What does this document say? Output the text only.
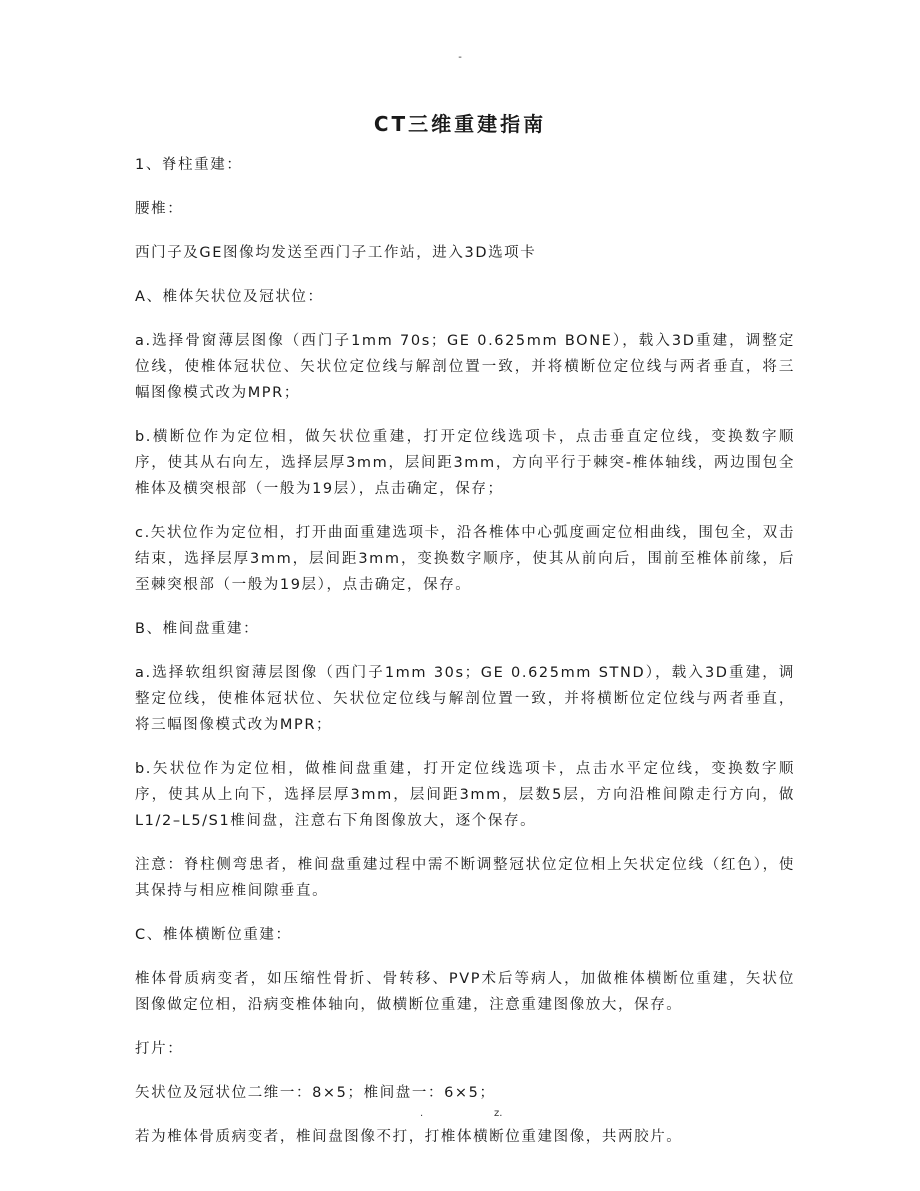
-
CT三维重建指南

1、脊柱重建：

腰椎：

西门子及GE图像均发送至西门子工作站，进入3D选项卡

A、椎体矢状位及冠状位：

a.选择骨窗薄层图像（西门子1mm 70s；GE 0.625mm BONE），载入3D重建，调整定位线，使椎体冠状位、矢状位定位线与解剖位置一致，并将横断位定位线与两者垂直，将三幅图像模式改为MPR；

b.横断位作为定位相，做矢状位重建，打开定位线选项卡，点击垂直定位线，变换数字顺序，使其从右向左，选择层厚3mm，层间距3mm，方向平行于棘突-椎体轴线，两边围包全椎体及横突根部（一般为19层），点击确定，保存；

c.矢状位作为定位相，打开曲面重建选项卡，沿各椎体中心弧度画定位相曲线，围包全，双击结束，选择层厚3mm，层间距3mm，变换数字顺序，使其从前向后，围前至椎体前缘，后至棘突根部（一般为19层），点击确定，保存。

B、椎间盘重建：

a.选择软组织窗薄层图像（西门子1mm 30s；GE 0.625mm STND），载入3D重建，调整定位线，使椎体冠状位、矢状位定位线与解剖位置一致，并将横断位定位线与两者垂直，将三幅图像模式改为MPR；

b.矢状位作为定位相，做椎间盘重建，打开定位线选项卡，点击水平定位线，变换数字顺序，使其从上向下，选择层厚3mm，层间距3mm，层数5层，方向沿椎间隙走行方向，做L1/2–L5/S1椎间盘，注意右下角图像放大，逐个保存。

注意：脊柱侧弯患者，椎间盘重建过程中需不断调整冠状位定位相上矢状定位线（红色），使其保持与相应椎间隙垂直。

C、椎体横断位重建：

椎体骨质病变者，如压缩性骨折、骨转移、PVP术后等病人，加做椎体横断位重建，矢状位图像做定位相，沿病变椎体轴向，做横断位重建，注意重建图像放大，保存。

打片：

矢状位及冠状位二维一：8×5；椎间盘一：6×5；

若为椎体骨质病变者，椎间盘图像不打，打椎体横断位重建图像，共两胶片。

.	z.
